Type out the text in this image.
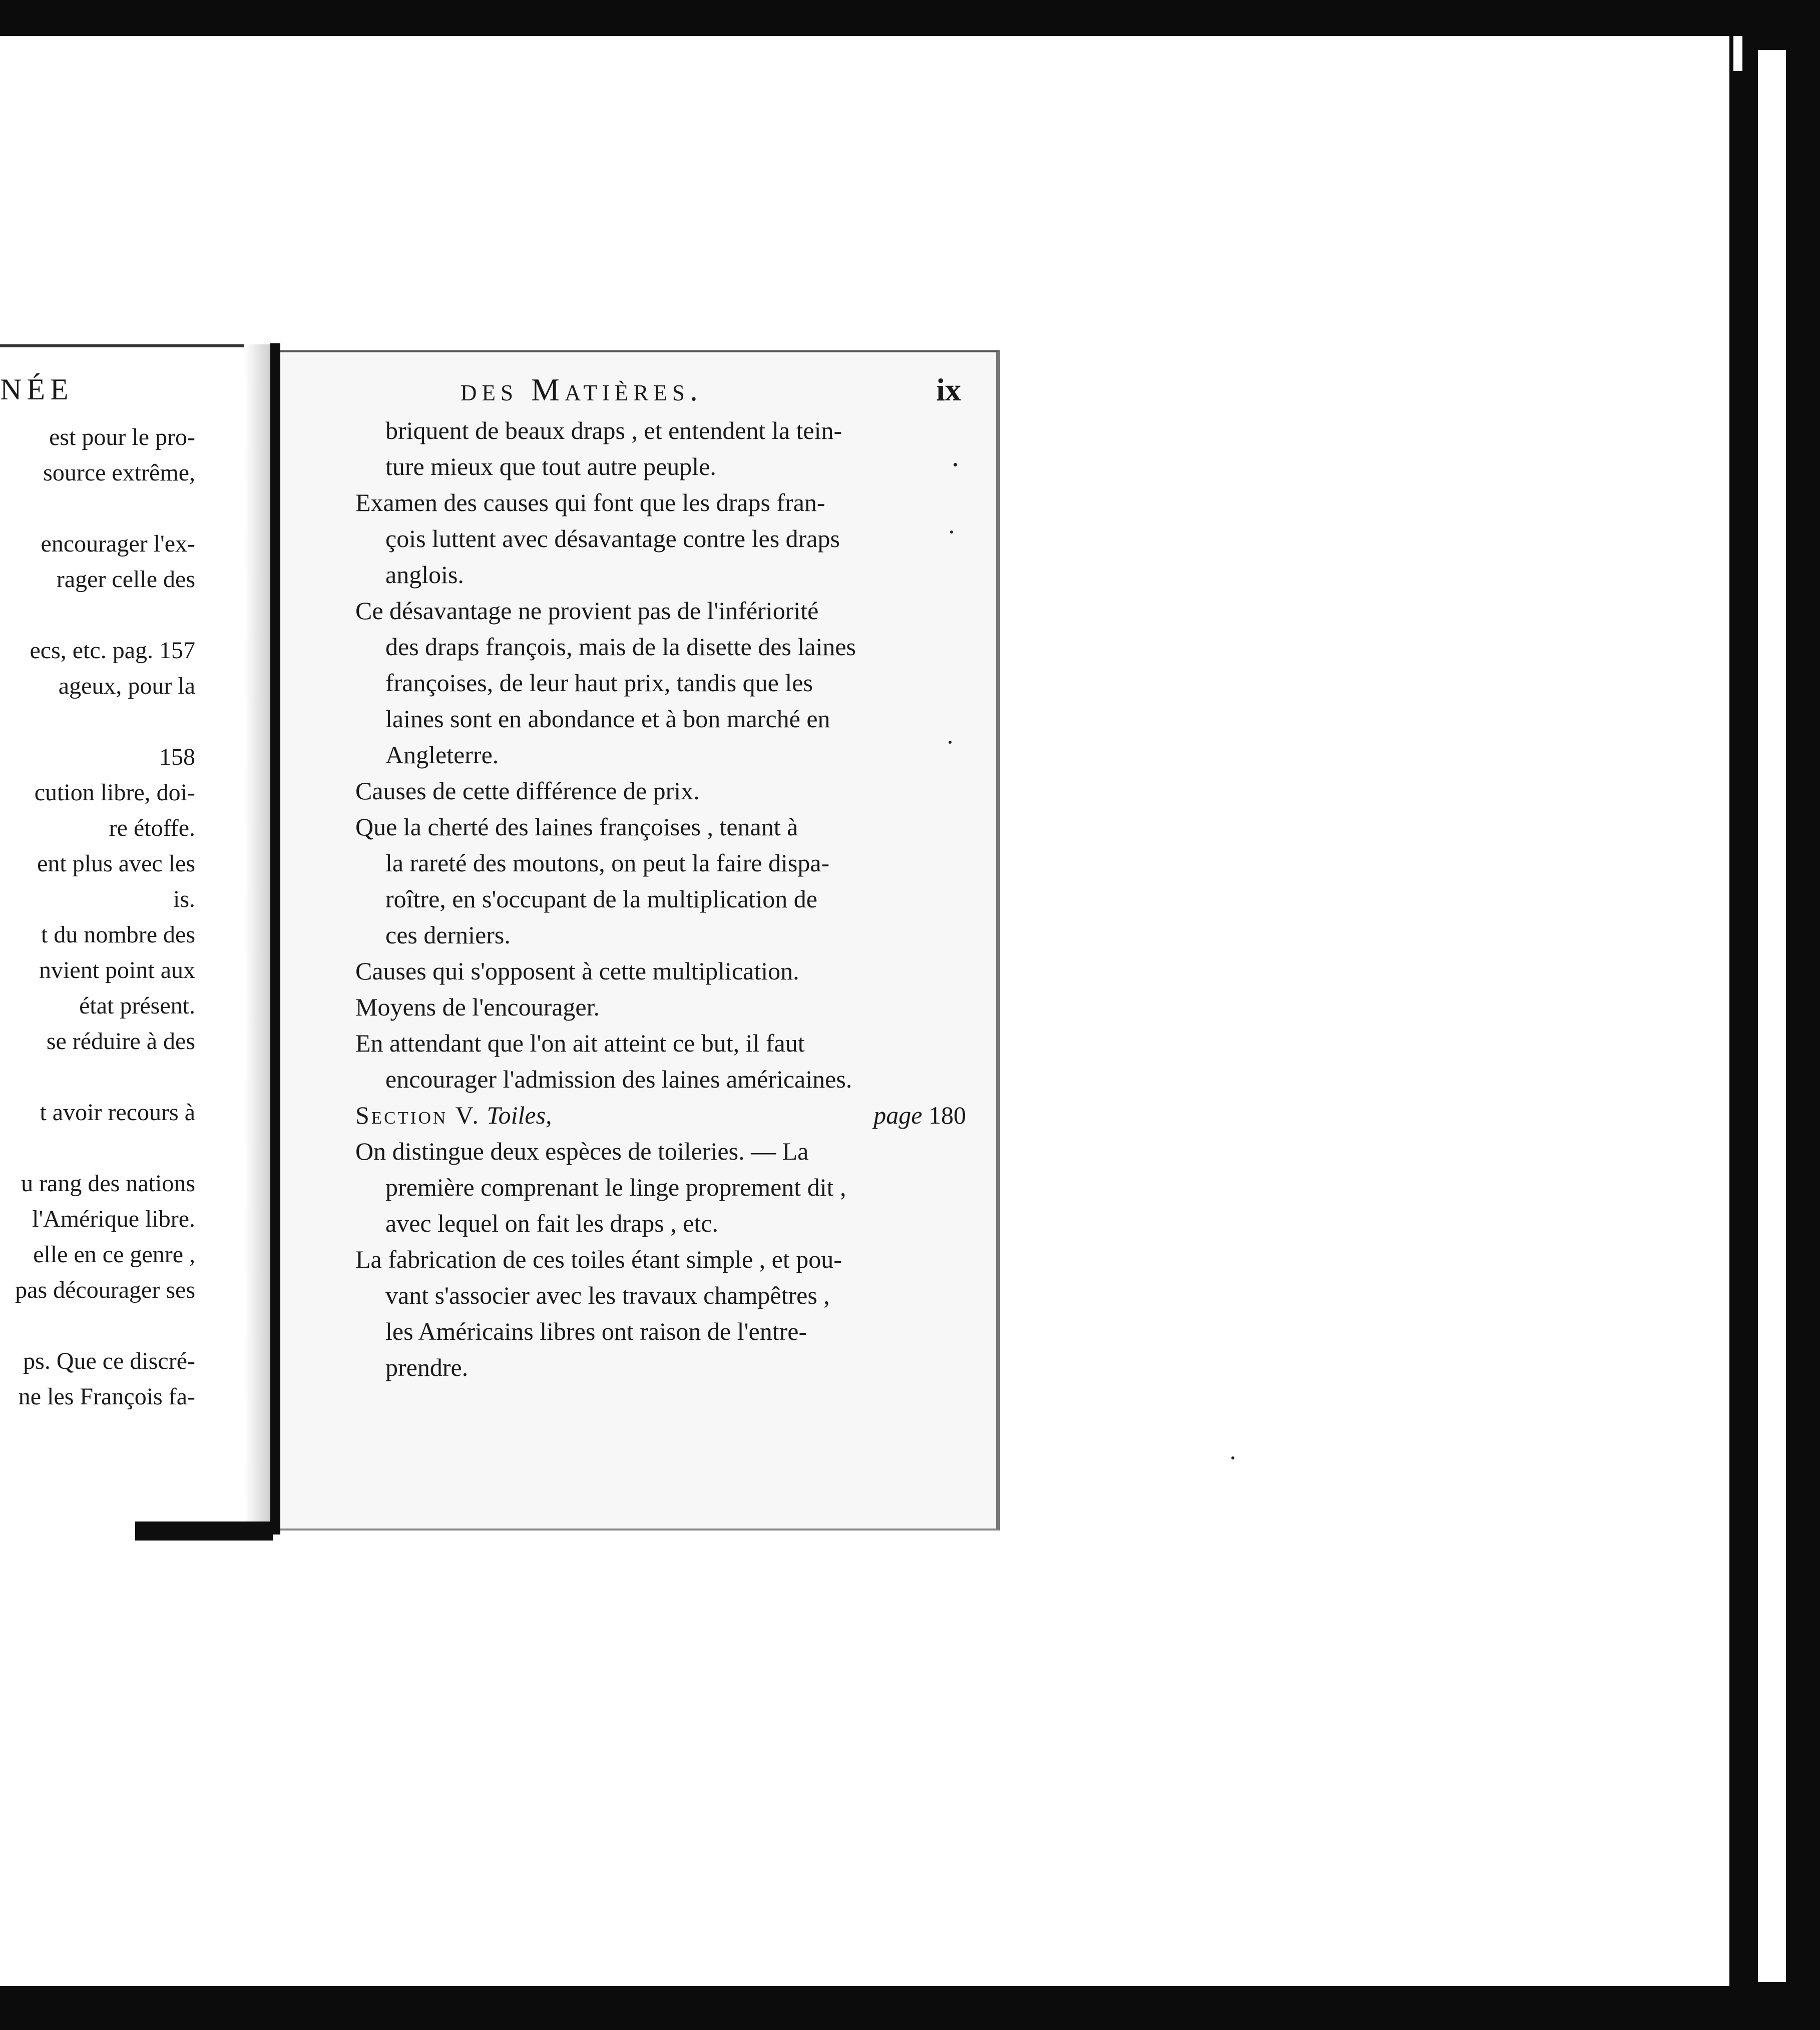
NÉE
est pour le pro-
source extrême,
encourager l'ex-
rager celle des
ecs, etc. pag. 157
ageux, pour la
158
cution libre, doi-
re étoffe.
ent plus avec les
is.
t du nombre des
nvient point aux
état présent.
se réduire à des
t avoir recours à
u rang des nations
l'Amérique libre.
elle en ce genre ,
pas décourager ses
ps. Que ce discré-
ne les François fa-
des Matières.	ix
briquent de beaux draps , et entendent la tein-
ture mieux que tout autre peuple.
Examen des causes qui font que les draps fran-
çois luttent avec désavantage contre les draps
anglois.
Ce désavantage ne provient pas de l'infériorité
des draps françois, mais de la disette des laines
françoises, de leur haut prix, tandis que les
laines sont en abondance et à bon marché en
Angleterre.
Causes de cette différence de prix.
Que la cherté des laines françoises , tenant à
la rareté des moutons, on peut la faire dispa-
roître, en s'occupant de la multiplication de
ces derniers.
Causes qui s'opposent à cette multiplication.
Moyens de l'encourager.
En attendant que l'on ait atteint ce but, il faut
encourager l'admission des laines américaines.
Section V. Toiles,	page 180
On distingue deux espèces de toileries. — La
première comprenant le linge proprement dit ,
avec lequel on fait les draps , etc.
La fabrication de ces toiles étant simple , et pou-
vant s'associer avec les travaux champêtres ,
les Américains libres ont raison de l'entre-
prendre.
